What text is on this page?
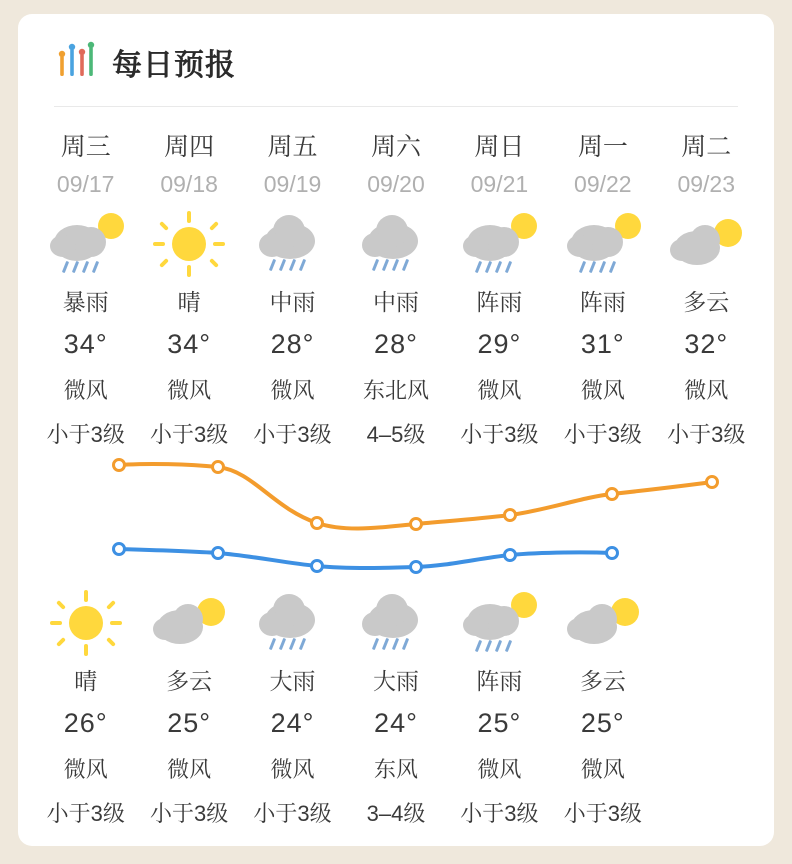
每日预报
周三
09/17
暴雨
34°
微风
小于3级
周四
09/18
晴
34°
微风
小于3级
周五
09/19
中雨
28°
微风
小于3级
周六
09/20
中雨
28°
东北风
4–5级
周日
09/21
阵雨
29°
微风
小于3级
周一
09/22
阵雨
31°
微风
小于3级
周二
09/23
多云
32°
微风
小于3级
晴
26°
微风
小于3级
多云
25°
微风
小于3级
大雨
24°
微风
小于3级
大雨
24°
东风
3–4级
阵雨
25°
微风
小于3级
多云
25°
微风
小于3级
